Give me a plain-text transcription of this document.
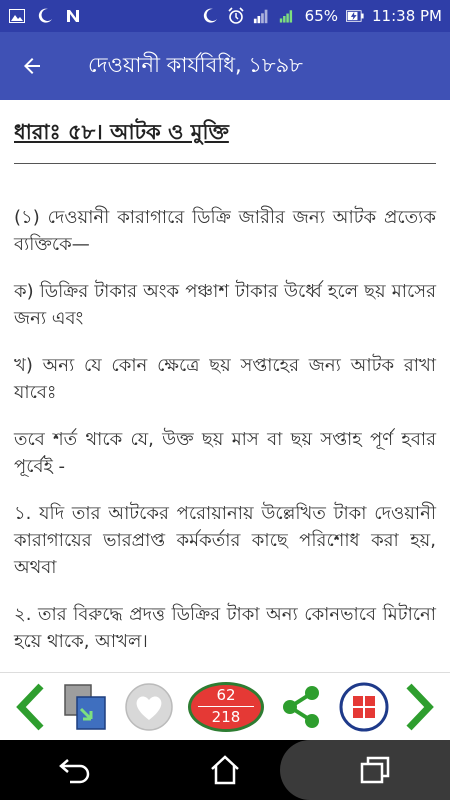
65% 11:38 PM
দেওয়ানী কার্যবিধি, ১৮৯৮
ধারাঃ ৫৮। আটক ও মুক্তি

(১) দেওয়ানী কারাগারে ডিক্রি জারীর জন্য আটক প্রত্যেক ব্যক্তিকে—

ক) ডিক্রির টাকার অংক পঞ্চাশ টাকার উর্ধ্বে হলে ছয় মাসের জন্য এবং

খ) অন্য যে কোন ক্ষেত্রে ছয় সপ্তাহের জন্য আটক রাখা যাবেঃ

তবে শর্ত থাকে যে, উক্ত ছয় মাস বা ছয় সপ্তাহ পূর্ণ হবার পূর্বেই -

১. যদি তার আটকের পরোয়ানায় উল্লেখিত টাকা দেওয়ানী কারাগায়ের ভারপ্রাপ্ত কর্মকর্তার কাছে পরিশোধ করা হয়, অথবা

২. তার বিরুদ্ধে প্রদত্ত ডিক্রির টাকা অন্য কোনভাবে মিটানো হয়ে থাকে, আখল।

62
218
